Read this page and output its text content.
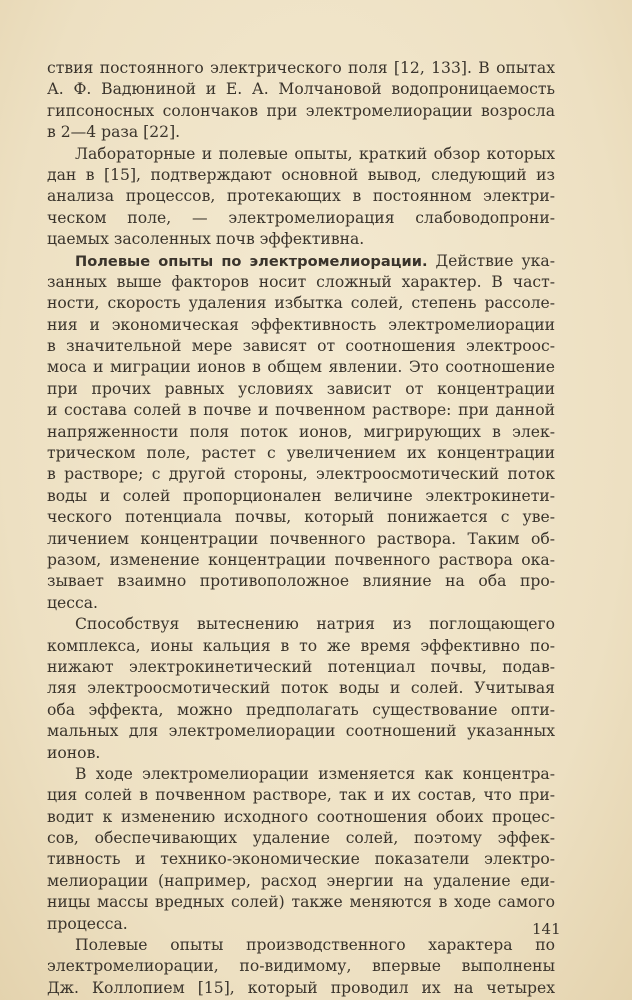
ствия постоянного электрического поля [12, 133]. В опытах
А. Ф. Вадюниной и Е. А. Молчановой водопроницаемость
гипсоносных солончаков при электромелиорации возросла
в 2—4 раза [22].
Лабораторные и полевые опыты, краткий обзор которых
дан в [15], подтверждают основной вывод, следующий из
анализа процессов, протекающих в постоянном электри-
ческом поле, — электромелиорация слабоводопрони-
цаемых засоленных почв эффективна.
Полевые опыты по электромелиорации. Действие ука-
занных выше факторов носит сложный характер. В част-
ности, скорость удаления избытка солей, степень рассоле-
ния и экономическая эффективность электромелиорации
в значительной мере зависят от соотношения электроос-
моса и миграции ионов в общем явлении. Это соотношение
при прочих равных условиях зависит от концентрации
и состава солей в почве и почвенном растворе: при данной
напряженности поля поток ионов, мигрирующих в элек-
трическом поле, растет с увеличением их концентрации
в растворе; с другой стороны, электроосмотический поток
воды и солей пропорционален величине электрокинети-
ческого потенциала почвы, который понижается с уве-
личением концентрации почвенного раствора. Таким об-
разом, изменение концентрации почвенного раствора ока-
зывает взаимно противоположное влияние на оба про-
цесса.
Способствуя вытеснению натрия из поглощающего
комплекса, ионы кальция в то же время эффективно по-
нижают электрокинетический потенциал почвы, подав-
ляя электроосмотический поток воды и солей. Учитывая
оба эффекта, можно предполагать существование опти-
мальных для электромелиорации соотношений указанных
ионов.
В ходе электромелиорации изменяется как концентра-
ция солей в почвенном растворе, так и их состав, что при-
водит к изменению исходного соотношения обоих процес-
сов, обеспечивающих удаление солей, поэтому эффек-
тивность и технико-экономические показатели электро-
мелиорации (например, расход энергии на удаление еди-
ницы массы вредных солей) также меняются в ходе самого
процесса.
Полевые опыты производственного характера по
электромелиорации, по-видимому, впервые выполнены
Дж. Коллопием [15], который проводил их на четырех
141
